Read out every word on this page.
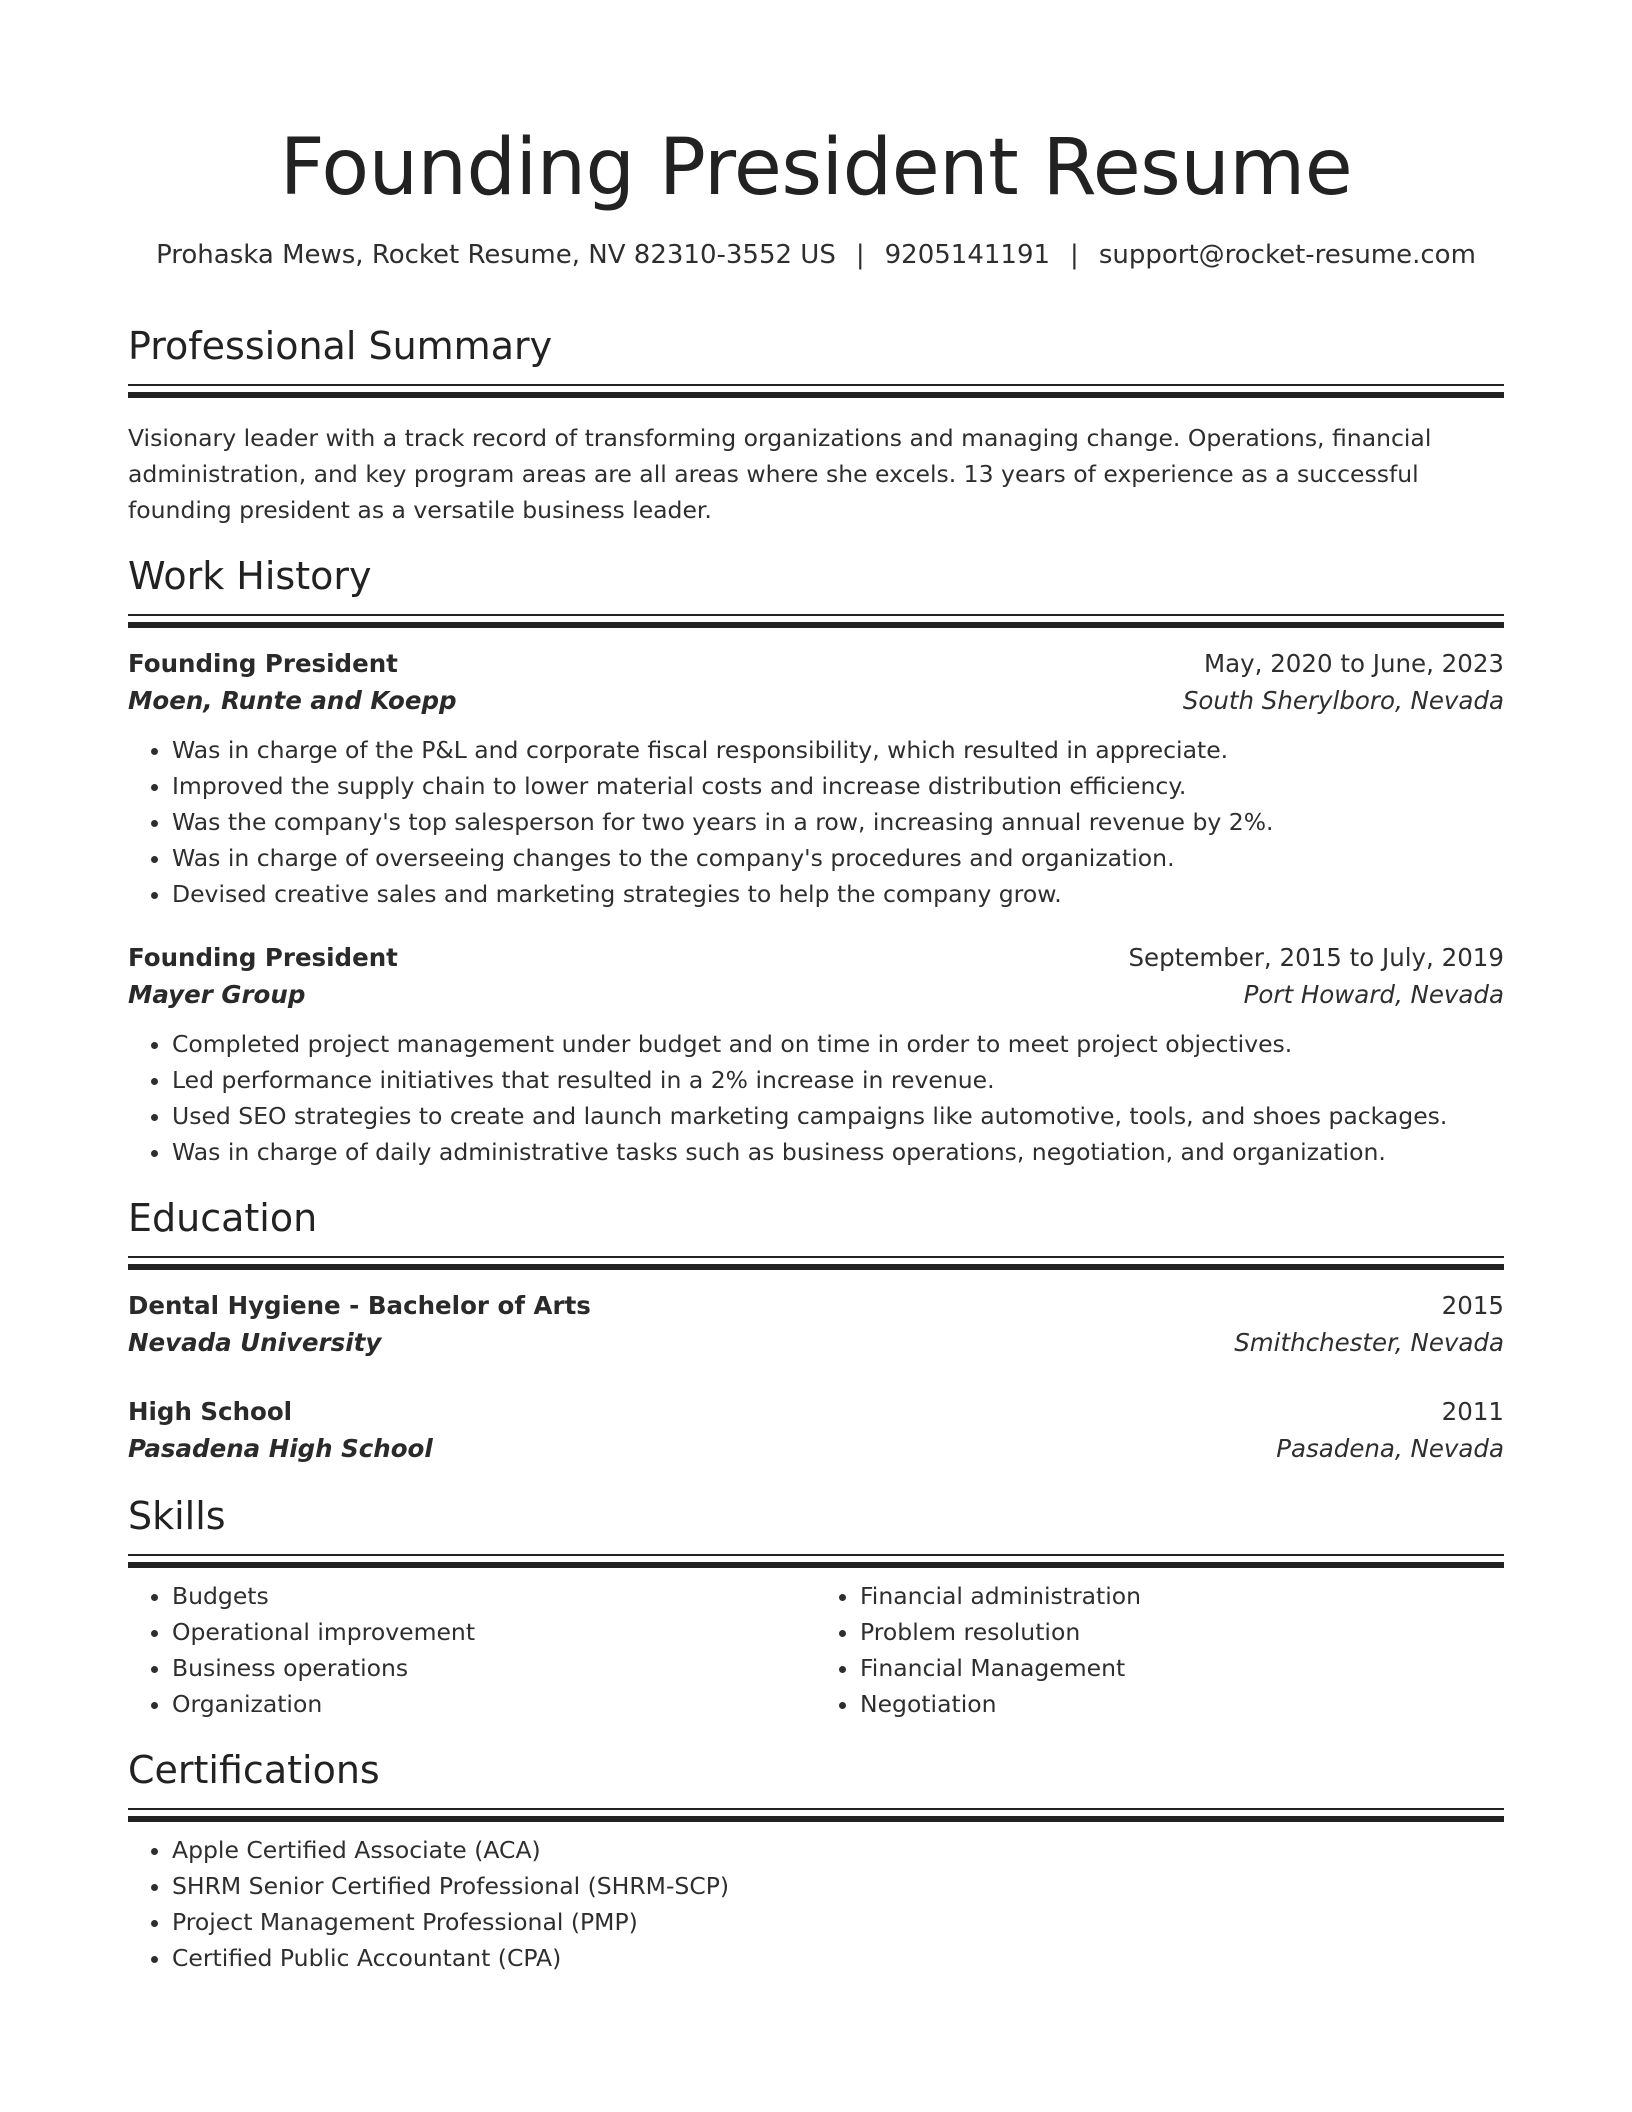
Founding President Resume
Prohaska Mews, Rocket Resume, NV 82310-3552 US | 9205141191 | support@rocket-resume.com
Professional Summary

Visionary leader with a track record of transforming organizations and managing change. Operations, financial administration, and key program areas are all areas where she excels. 13 years of experience as a successful founding president as a versatile business leader.

Work History
Founding President	May, 2020 to June, 2023
Moen, Runte and Koepp	South Sherylboro, Nevada
• Was in charge of the P&L and corporate fiscal responsibility, which resulted in appreciate.
• Improved the supply chain to lower material costs and increase distribution efficiency.
• Was the company's top salesperson for two years in a row, increasing annual revenue by 2%.
• Was in charge of overseeing changes to the company's procedures and organization.
• Devised creative sales and marketing strategies to help the company grow.
Founding President	September, 2015 to July, 2019
Mayer Group	Port Howard, Nevada
• Completed project management under budget and on time in order to meet project objectives.
• Led performance initiatives that resulted in a 2% increase in revenue.
• Used SEO strategies to create and launch marketing campaigns like automotive, tools, and shoes packages.
• Was in charge of daily administrative tasks such as business operations, negotiation, and organization.
Education
Dental Hygiene - Bachelor of Arts	2015
Nevada University	Smithchester, Nevada
High School	2011
Pasadena High School	Pasadena, Nevada
Skills
• Budgets
• Operational improvement
• Business operations
• Organization
• Financial administration
• Problem resolution
• Financial Management
• Negotiation
Certifications
• Apple Certified Associate (ACA)
• SHRM Senior Certified Professional (SHRM-SCP)
• Project Management Professional (PMP)
• Certified Public Accountant (CPA)
